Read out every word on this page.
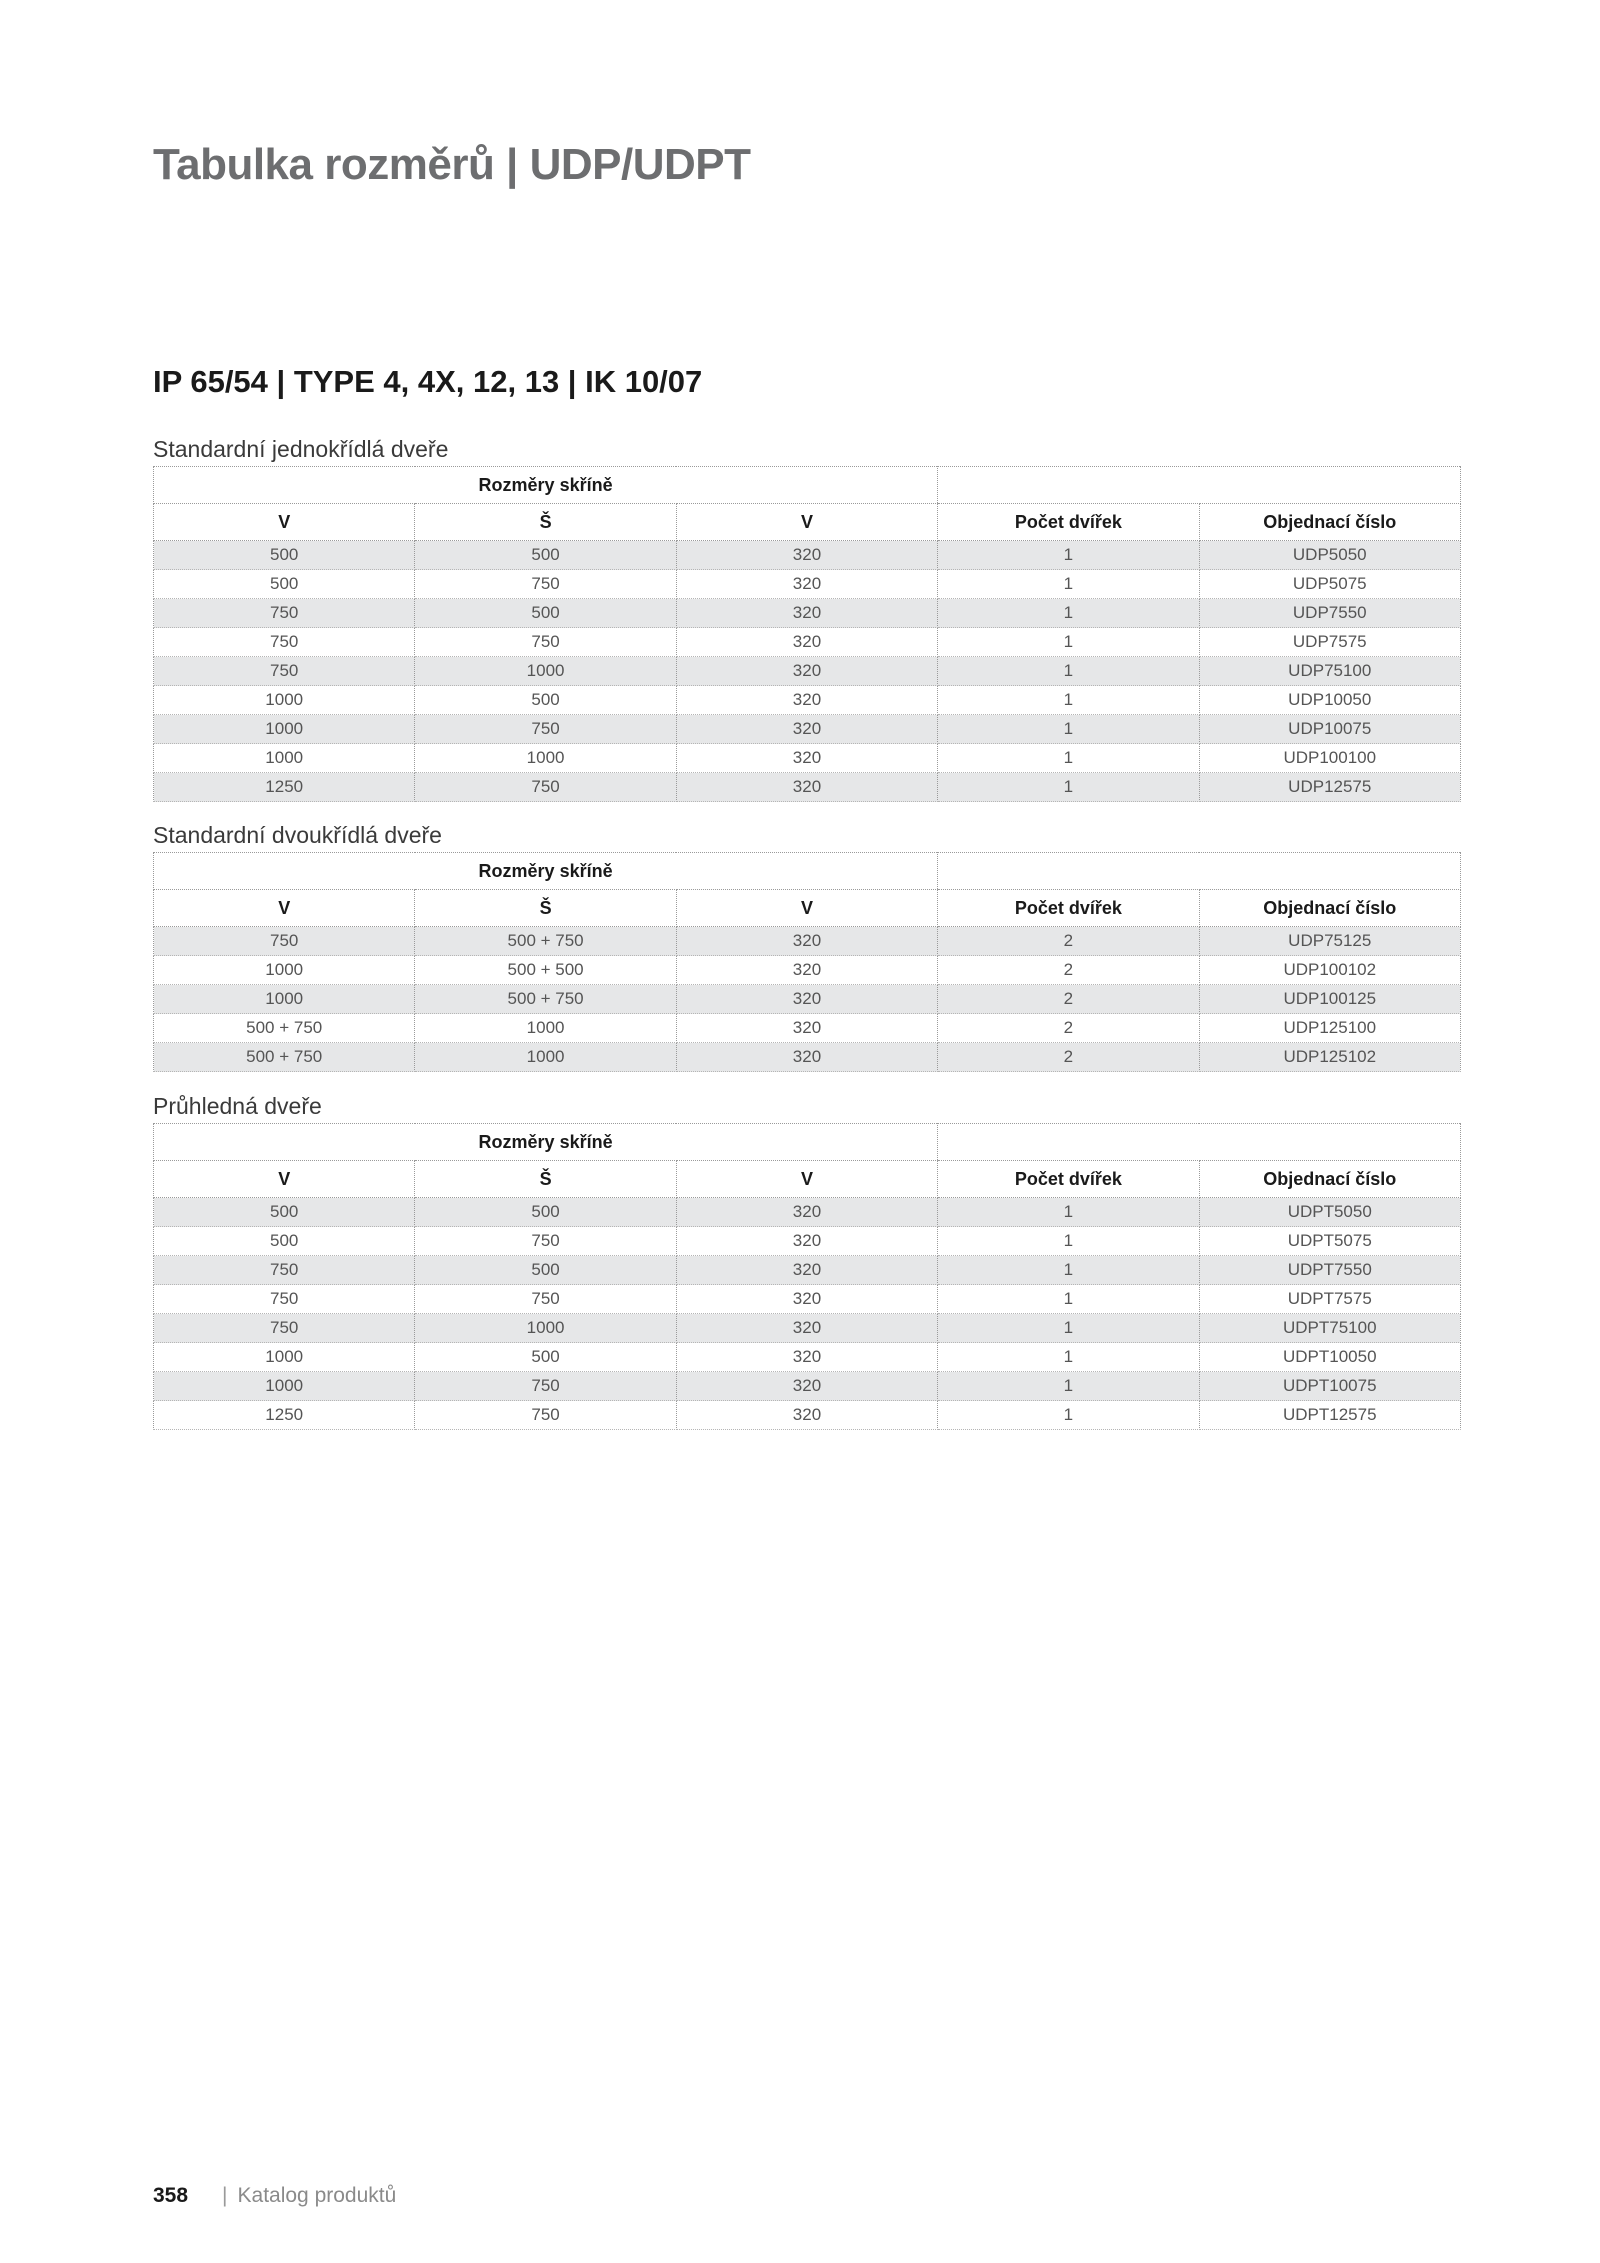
Tabulka rozměrů | UDP/UDPT
IP 65/54 | TYPE 4, 4X, 12, 13 | IK 10/07
Standardní jednokřídlá dveře
	Rozměry skříně			
V	Š	V	Počet dvířek	Objednací číslo
500	500	320	1	UDP5050
500	750	320	1	UDP5075
750	500	320	1	UDP7550
750	750	320	1	UDP7575
750	1000	320	1	UDP75100
1000	500	320	1	UDP10050
1000	750	320	1	UDP10075
1000	1000	320	1	UDP100100
1250	750	320	1	UDP12575
Standardní dvoukřídlá dveře
	Rozměry skříně			
V	Š	V	Počet dvířek	Objednací číslo
750	500 + 750	320	2	UDP75125
1000	500 + 500	320	2	UDP100102
1000	500 + 750	320	2	UDP100125
500 + 750	1000	320	2	UDP125100
500 + 750	1000	320	2	UDP125102
Průhledná dveře
	Rozměry skříně			
V	Š	V	Počet dvířek	Objednací číslo
500	500	320	1	UDPT5050
500	750	320	1	UDPT5075
750	500	320	1	UDPT7550
750	750	320	1	UDPT7575
750	1000	320	1	UDPT75100
1000	500	320	1	UDPT10050
1000	750	320	1	UDPT10075
1250	750	320	1	UDPT12575
358 | Katalog produktů
